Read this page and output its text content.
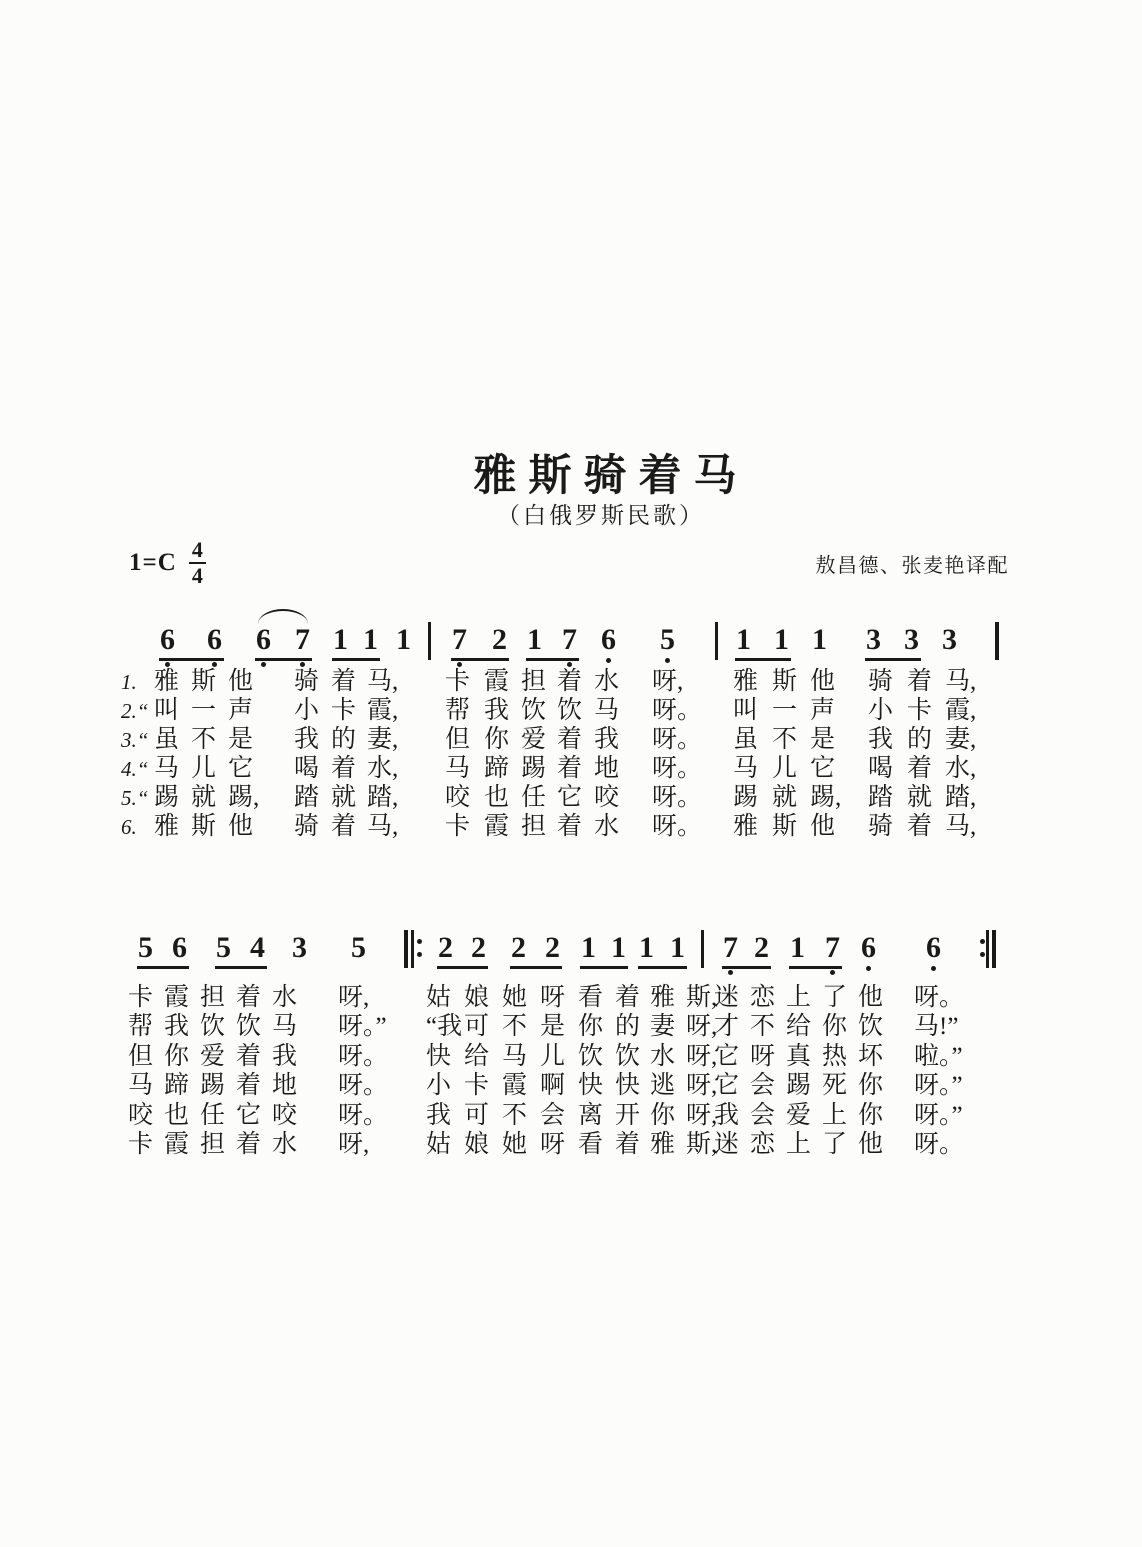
雅斯骑着马
（白俄罗斯民歌）
$1=C \frac{4}{4}$	敖昌德、张麦艳译配
6 6 6 7 1 1 1 7 2 1 7 6 5 1 1 1 3 3 3
1. 雅 斯 他 骑 着 马, 卡 霞 担 着 水 呀, 雅 斯 他 骑 着 马,
2.“ 叫 一 声 小 卡 霞, 帮 我 饮 饮 马 呀。 叫 一 声 小 卡 霞,
3.“ 虽 不 是 我 的 妻, 但 你 爱 着 我 呀。 虽 不 是 我 的 妻,
4.“ 马 儿 它 喝 着 水, 马 蹄 踢 着 地 呀。 马 儿 它 喝 着 水,
5.“ 踢 就 踢, 踏 就 踏, 咬 也 任 它 咬 呀。 踢 就 踢, 踏 就 踏,
6. 雅 斯 他 骑 着 马, 卡 霞 担 着 水 呀。 雅 斯 他 骑 着 马,
5 6 5 4 3 5 2 2 2 2 1 1 1 1 7 2 1 7 6 6
卡 霞 担 着 水 呀, 姑 娘 她 呀 看 着 雅 斯,
迷 恋 上 了 他 呀。
帮 我 饮 饮 马 呀。” “我 可 不 是 你 的 妻 呀,
才 不 给 你 饮 马!”
但 你 爱 着 我 呀。 快 给 马 儿 饮 饮 水 呀,
它 呀 真 热 坏 啦。”
马 蹄 踢 着 地 呀。 小 卡 霞 啊 快 快 逃 呀,
它 会 踢 死 你 呀。”
咬 也 任 它 咬 呀。 我 可 不 会 离 开 你 呀,
我 会 爱 上 你 呀。”
卡 霞 担 着 水 呀, 姑 娘 她 呀 看 着 雅 斯,
迷 恋 上 了 他 呀。
